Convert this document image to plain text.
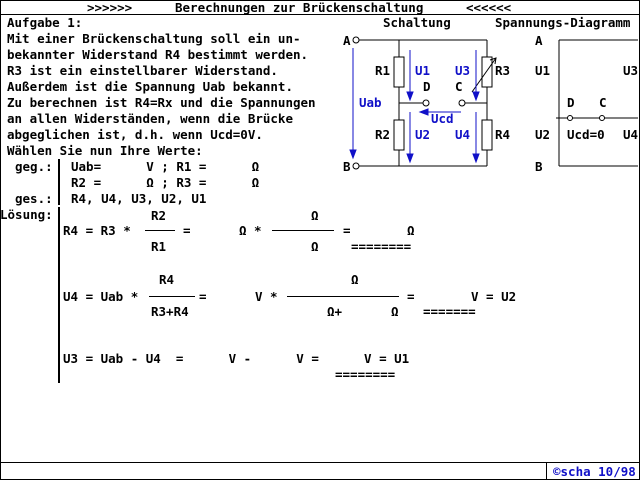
>>>>>>	Berechnungen zur Brückenschaltung	<<<<<<
Aufgabe 1:
Mit einer Brückenschaltung soll ein un-
bekannter Widerstand R4 bestimmt werden.
R3 ist ein einstellbarer Widerstand.
Außerdem ist die Spannung Uab bekannt.
Zu berechnen ist R4=Rx und die Spannungen
an allen Widerständen, wenn die Brücke
abgeglichen ist, d.h. wenn Ucd=0V.
Wählen Sie nun Ihre Werte:
geg.: Uab=      V ; R1 =      Ω
R2 =      Ω ; R3 =      Ω
ges.: R4, U4, U3, U2, U1
Lösung:
R4 = R3 *
R2
R1
=	Ω *
Ω
Ω
=	Ω
========
U4 = Uab *
R4
R3+R4
=	V *
Ω
Ω+	Ω
=	V = U2
=======
U3 = Uab - U4  =      V -      V =      V = U1
========
Schaltung
A
B
R1
R2
R3
R4
U1
U2
U3
U4
Uab
Ucd
D C
Spannungs-Diagramm
A
B
U1
U2
U3
U4
D C
Ucd=0
©scha 10/98
